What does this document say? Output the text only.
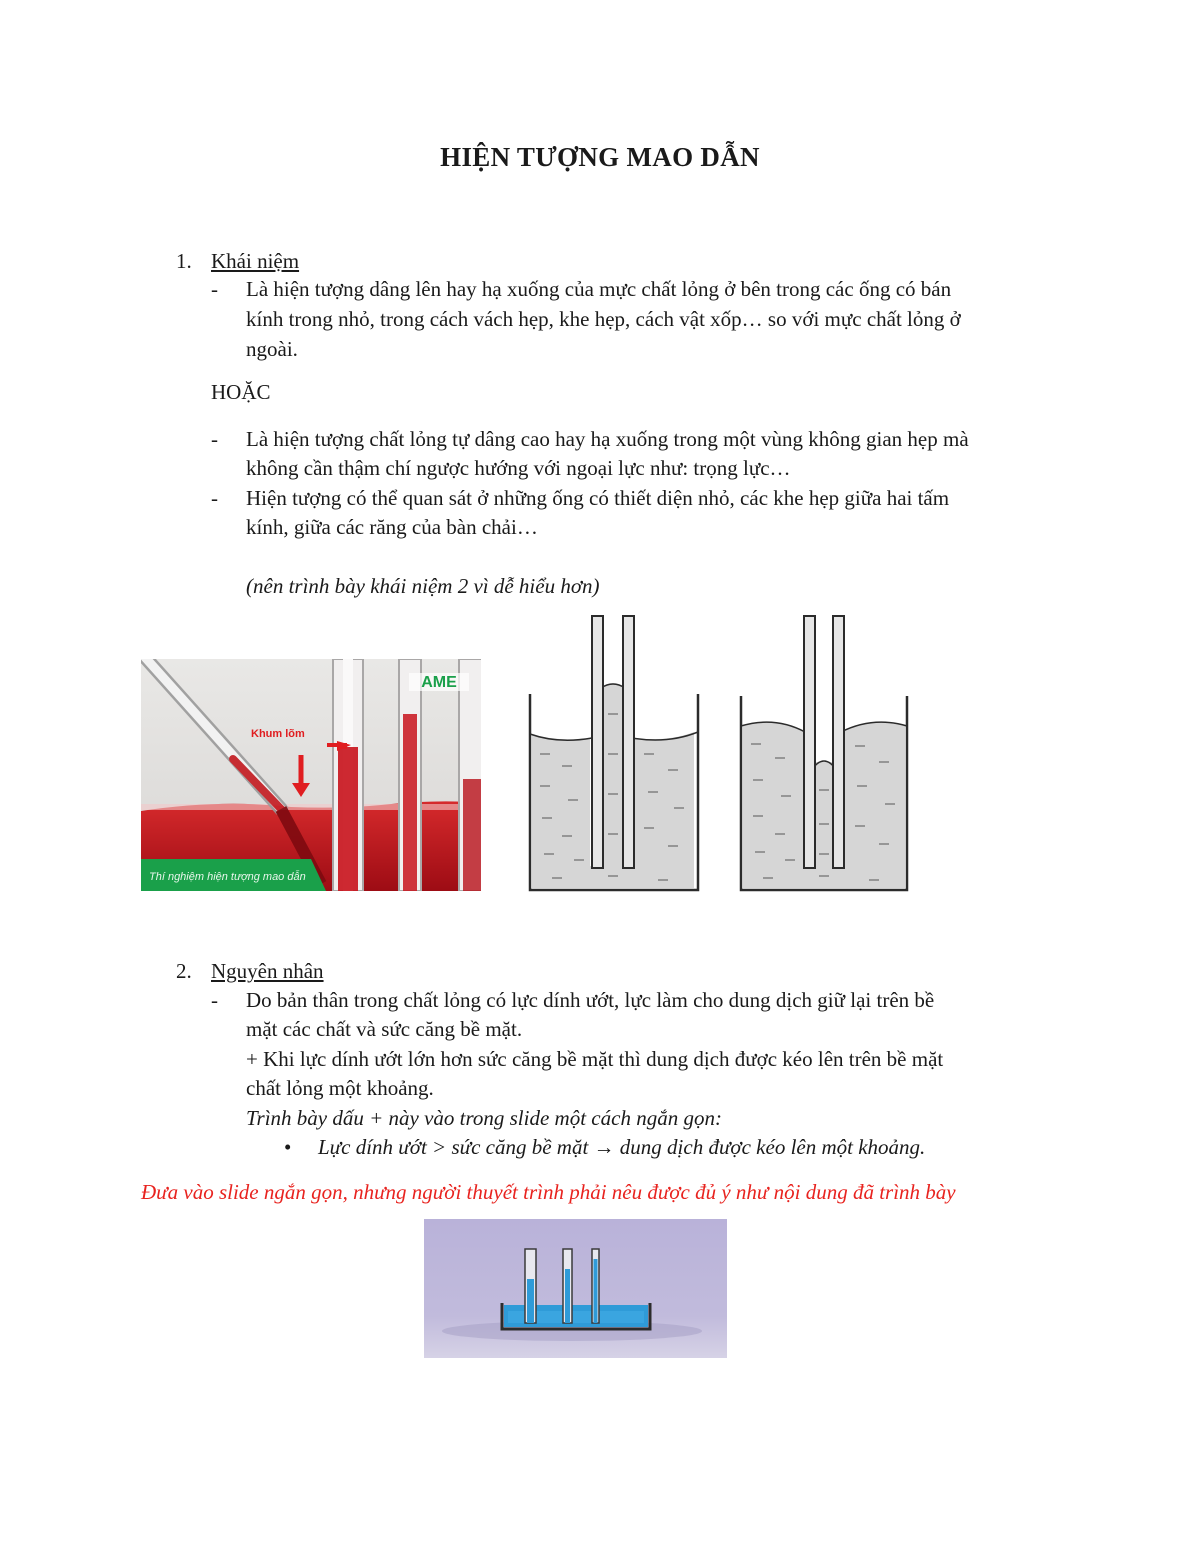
HIỆN TƯỢNG MAO DẪN
1. Khái niệm
- Là hiện tượng dâng lên hay hạ xuống của mực chất lỏng ở bên trong các ống có bán
kính trong nhỏ, trong cách vách hẹp, khe hẹp, cách vật xốp… so với mực chất lỏng ở
ngoài.
HOẶC
- Là hiện tượng chất lỏng tự dâng cao hay hạ xuống trong một vùng không gian hẹp mà
không cần thậm chí ngược hướng với ngoại lực như: trọng lực…
- Hiện tượng có thể quan sát ở những ống có thiết diện nhỏ, các khe hẹp giữa hai tấm
kính, giữa các răng của bàn chải…
(nên trình bày khái niệm 2 vì dễ hiểu hơn)
AME
Khum lõm
Thí nghiệm hiện tượng mao dẫn
2. Nguyên nhân
- Do bản thân trong chất lỏng có lực dính ướt, lực làm cho dung dịch giữ lại trên bề
mặt các chất và sức căng bề mặt.
+ Khi lực dính ướt lớn hơn sức căng bề mặt thì dung dịch được kéo lên trên bề mặt
chất lỏng một khoảng.
Trình bày dấu + này vào trong slide một cách ngắn gọn:
• Lực dính ướt > sức căng bề mặt → dung dịch được kéo lên một khoảng.
Đưa vào slide ngắn gọn, nhưng người thuyết trình phải nêu được đủ ý như nội dung đã trình bày
